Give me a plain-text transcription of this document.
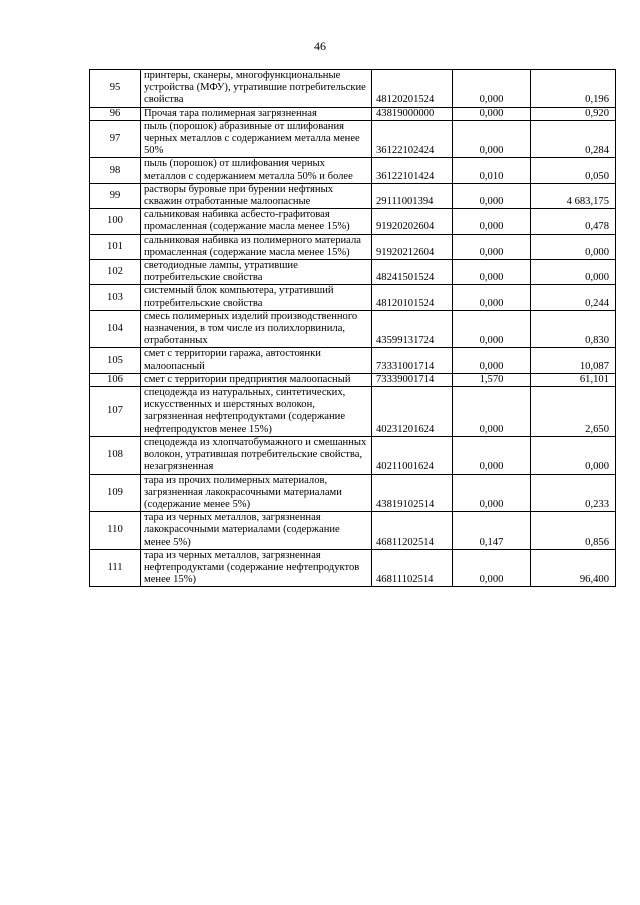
46
95	принтеры, сканеры, многофункциональные устройства (МФУ), утратившие потребительские свойства	48120201524	0,000	0,196
96	Прочая тара полимерная загрязненная	43819000000	0,000	0,920
97	пыль (порошок) абразивные от шлифования черных металлов с содержанием металла менее 50%	36122102424	0,000	0,284
98	пыль (порошок) от шлифования черных металлов с содержанием металла 50% и более	36122101424	0,010	0,050
99	растворы буровые при бурении нефтяных скважин отработанные малоопасные	29111001394	0,000	4 683,175
100	сальниковая набивка асбесто-графитовая промасленная (содержание масла менее 15%)	91920202604	0,000	0,478
101	сальниковая набивка из полимерного материала промасленная (содержание масла менее 15%)	91920212604	0,000	0,000
102	светодиодные лампы, утратившие потребительские свойства	48241501524	0,000	0,000
103	системный блок компьютера, утративший потребительские свойства	48120101524	0,000	0,244
104	смесь полимерных изделий производственного назначения, в том числе из полихлорвинила, отработанных	43599131724	0,000	0,830
105	смет с территории гаража, автостоянки малоопасный	73331001714	0,000	10,087
106	смет с территории предприятия малоопасный	73339001714	1,570	61,101
107	спецодежда из натуральных, синтетических, искусственных и шерстяных волокон, загрязненная нефтепродуктами (содержание нефтепродуктов менее 15%)	40231201624	0,000	2,650
108	спецодежда из хлопчатобумажного и смешанных волокон, утратившая потребительские свойства, незагрязненная	40211001624	0,000	0,000
109	тара из прочих полимерных материалов, загрязненная лакокрасочными материалами (содержание менее 5%)	43819102514	0,000	0,233
110	тара из черных металлов, загрязненная лакокрасочными материалами (содержание менее 5%)	46811202514	0,147	0,856
111	тара из черных металлов, загрязненная нефтепродуктами (содержание нефтепродуктов менее 15%)	46811102514	0,000	96,400
